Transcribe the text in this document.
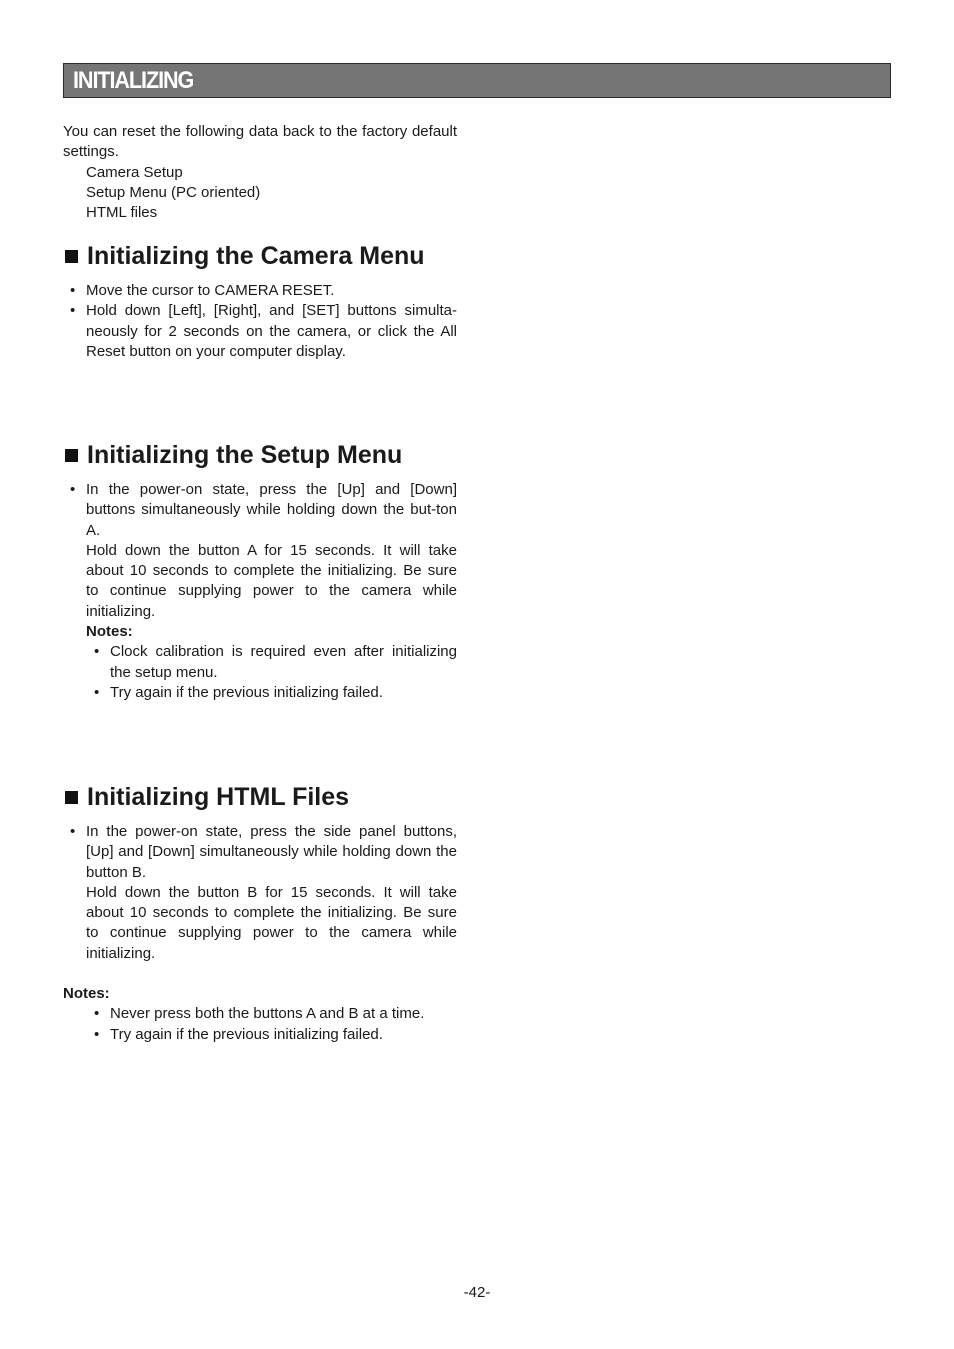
INITIALIZING

You can reset the following data back to the factory default settings.

Camera Setup

Setup Menu (PC oriented)

HTML files

Initializing the Camera Menu
• Move the cursor to CAMERA RESET.

• Hold down [Left], [Right], and [SET] buttons simulta-neously for 2 seconds on the camera, or click the All Reset button on your computer display.

Initializing the Setup Menu
• In the power-on state, press the [Up] and [Down] buttons simultaneously while holding down the but-ton A.

Hold down the button A for 15 seconds. It will take about 10 seconds to complete the initializing. Be sure to continue supplying power to the camera while initializing.

Notes:

• Clock calibration is required even after initializing the setup menu.

• Try again if the previous initializing failed.

Initializing HTML Files
• In the power-on state, press the side panel buttons, [Up] and [Down] simultaneously while holding down the button B.

Hold down the button B for 15 seconds. It will take about 10 seconds to complete the initializing. Be sure to continue supplying power to the camera while initializing.

Notes:

• Never press both the buttons A and B at a time.

• Try again if the previous initializing failed.

-42-
